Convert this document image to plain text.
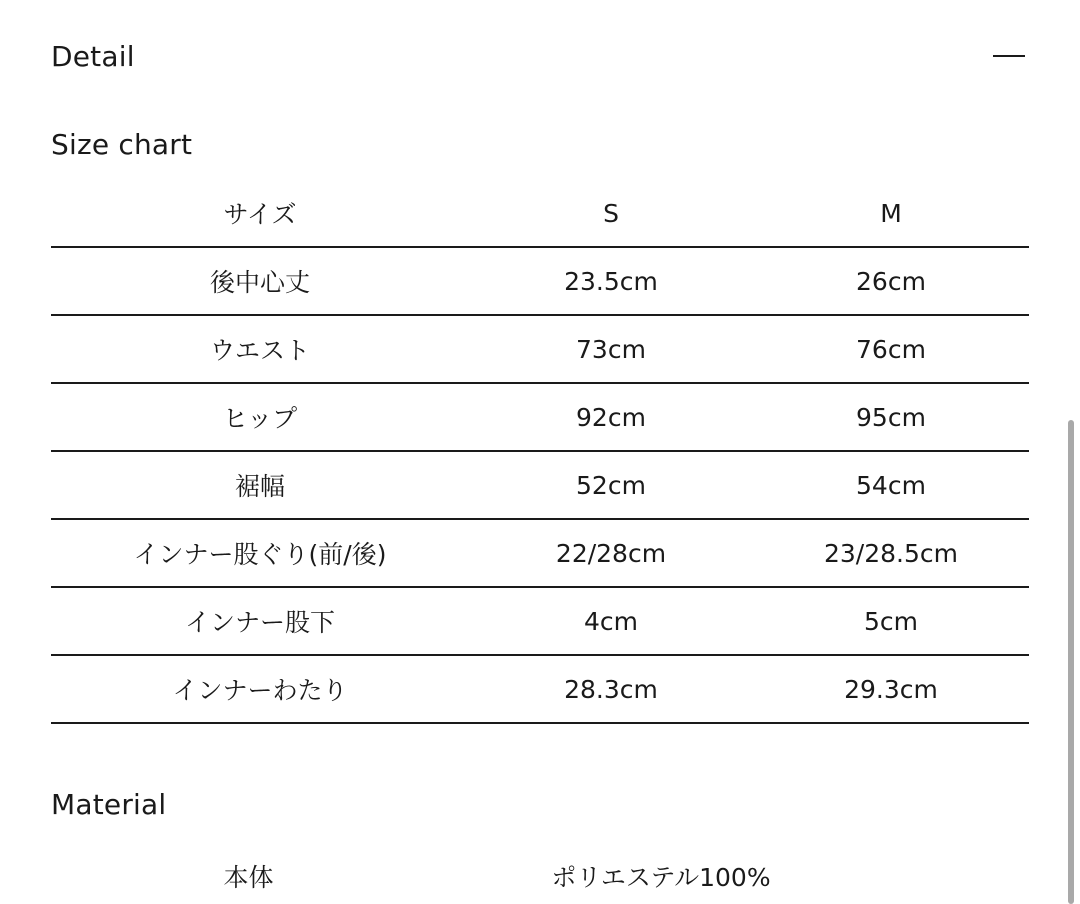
Detail
Size chart
サイズ	S	M
後中心丈	23.5cm	26cm
ウエスト	73cm	76cm
ヒップ	92cm	95cm
裾幅	52cm	54cm
インナー股ぐり(前/後)	22/28cm	23/28.5cm
インナー股下	4cm	5cm
インナーわたり	28.3cm	29.3cm
Material
本体	ポリエステル100%
